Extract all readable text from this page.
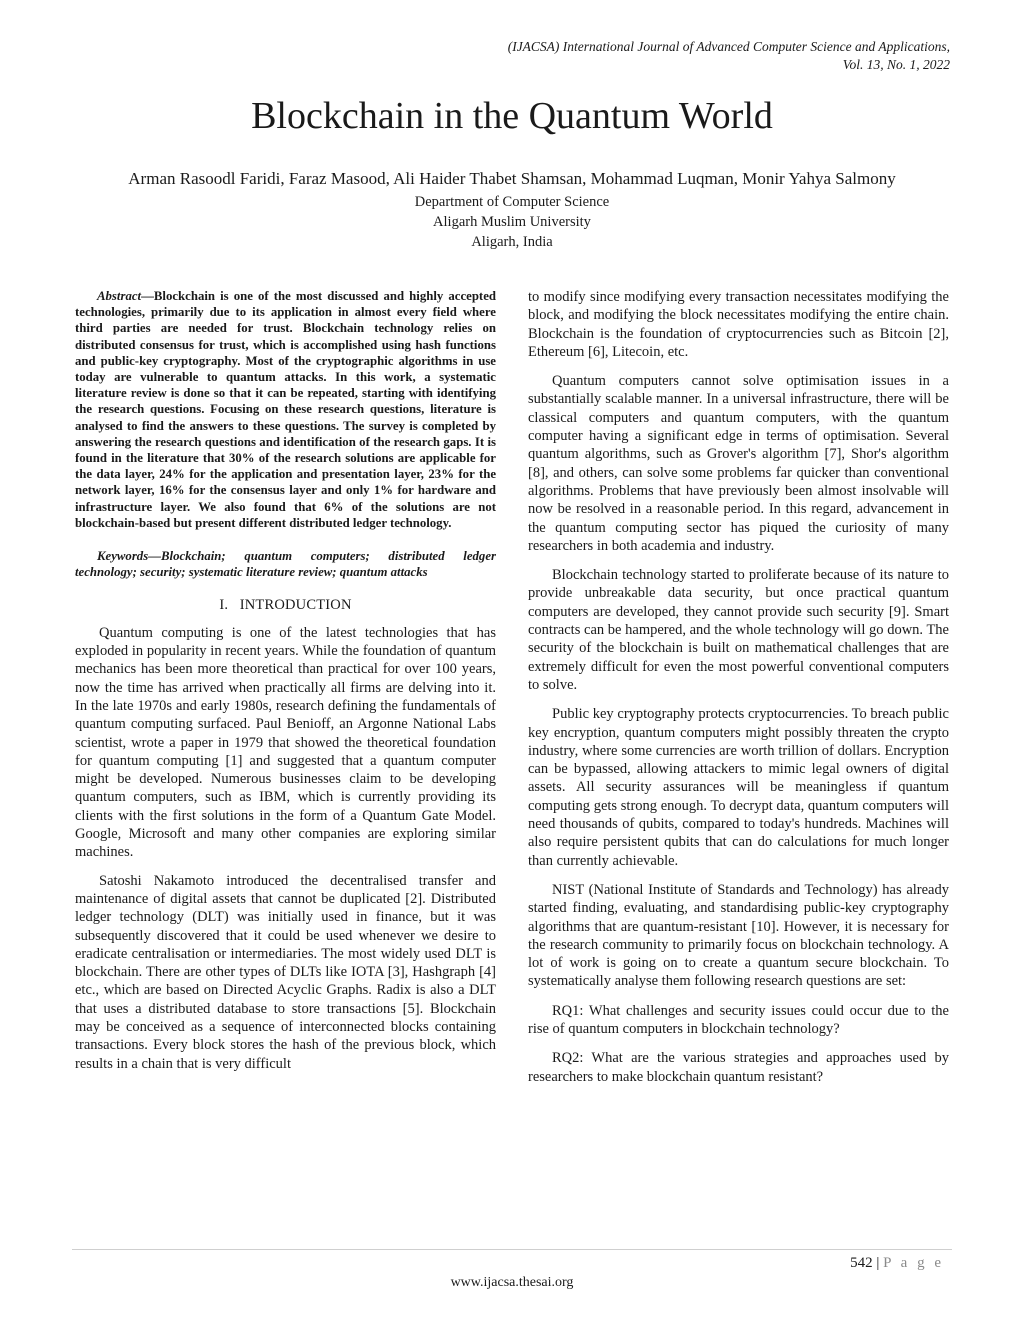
(IJACSA) International Journal of Advanced Computer Science and Applications,
Vol. 13, No. 1, 2022
Blockchain in the Quantum World
Arman Rasoodl Faridi, Faraz Masood, Ali Haider Thabet Shamsan, Mohammad Luqman, Monir Yahya Salmony
Department of Computer Science
Aligarh Muslim University
Aligarh, India

Abstract—Blockchain is one of the most discussed and highly accepted technologies, primarily due to its application in almost every field where third parties are needed for trust. Blockchain technology relies on distributed consensus for trust, which is accomplished using hash functions and public-key cryptography. Most of the cryptographic algorithms in use today are vulnerable to quantum attacks. In this work, a systematic literature review is done so that it can be repeated, starting with identifying the research questions. Focusing on these research questions, literature is analysed to find the answers to these questions. The survey is completed by answering the research questions and identification of the research gaps. It is found in the literature that 30% of the research solutions are applicable for the data layer, 24% for the application and presentation layer, 23% for the network layer, 16% for the consensus layer and only 1% for hardware and infrastructure layer. We also found that 6% of the solutions are not blockchain-based but present different distributed ledger technology.

Keywords—Blockchain; quantum computers; distributed ledger technology; security; systematic literature review; quantum attacks

I. INTRODUCTION

Quantum computing is one of the latest technologies that has exploded in popularity in recent years. While the foundation of quantum mechanics has been more theoretical than practical for over 100 years, now the time has arrived when practically all firms are delving into it. In the late 1970s and early 1980s, research defining the fundamentals of quantum computing surfaced. Paul Benioff, an Argonne National Labs scientist, wrote a paper in 1979 that showed the theoretical foundation for quantum computing [1] and suggested that a quantum computer might be developed. Numerous businesses claim to be developing quantum computers, such as IBM, which is currently providing its clients with the first solutions in the form of a Quantum Gate Model. Google, Microsoft and many other companies are exploring similar machines.

Satoshi Nakamoto introduced the decentralised transfer and maintenance of digital assets that cannot be duplicated [2]. Distributed ledger technology (DLT) was initially used in finance, but it was subsequently discovered that it could be used whenever we desire to eradicate centralisation or intermediaries. The most widely used DLT is blockchain. There are other types of DLTs like IOTA [3], Hashgraph [4] etc., which are based on Directed Acyclic Graphs. Radix is also a DLT that uses a distributed database to store transactions [5]. Blockchain may be conceived as a sequence of interconnected blocks containing transactions. Every block stores the hash of the previous block, which results in a chain that is very difficult

to modify since modifying every transaction necessitates modifying the block, and modifying the block necessitates modifying the entire chain. Blockchain is the foundation of cryptocurrencies such as Bitcoin [2], Ethereum [6], Litecoin, etc.

Quantum computers cannot solve optimisation issues in a substantially scalable manner. In a universal infrastructure, there will be classical computers and quantum computers, with the quantum computer having a significant edge in terms of optimisation. Several quantum algorithms, such as Grover's algorithm [7], Shor's algorithm [8], and others, can solve some problems far quicker than conventional algorithms. Problems that have previously been almost insolvable will now be resolved in a reasonable period. In this regard, advancement in the quantum computing sector has piqued the curiosity of many researchers in both academia and industry.

Blockchain technology started to proliferate because of its nature to provide unbreakable data security, but once practical quantum computers are developed, they cannot provide such security [9]. Smart contracts can be hampered, and the whole technology will go down. The security of the blockchain is built on mathematical challenges that are extremely difficult for even the most powerful conventional computers to solve.

Public key cryptography protects cryptocurrencies. To breach public key encryption, quantum computers might possibly threaten the crypto industry, where some currencies are worth trillion of dollars. Encryption can be bypassed, allowing attackers to mimic legal owners of digital assets. All security assurances will be meaningless if quantum computing gets strong enough. To decrypt data, quantum computers will need thousands of qubits, compared to today's hundreds. Machines will also require persistent qubits that can do calculations for much longer than currently achievable.

NIST (National Institute of Standards and Technology) has already started finding, evaluating, and standardising public-key cryptography algorithms that are quantum-resistant [10]. However, it is necessary for the research community to primarily focus on blockchain technology. A lot of work is going on to create a quantum secure blockchain. To systematically analyse them following research questions are set:

RQ1: What challenges and security issues could occur due to the rise of quantum computers in blockchain technology?

RQ2: What are the various strategies and approaches used by researchers to make blockchain quantum resistant?

542 | P a g e
www.ijacsa.thesai.org
